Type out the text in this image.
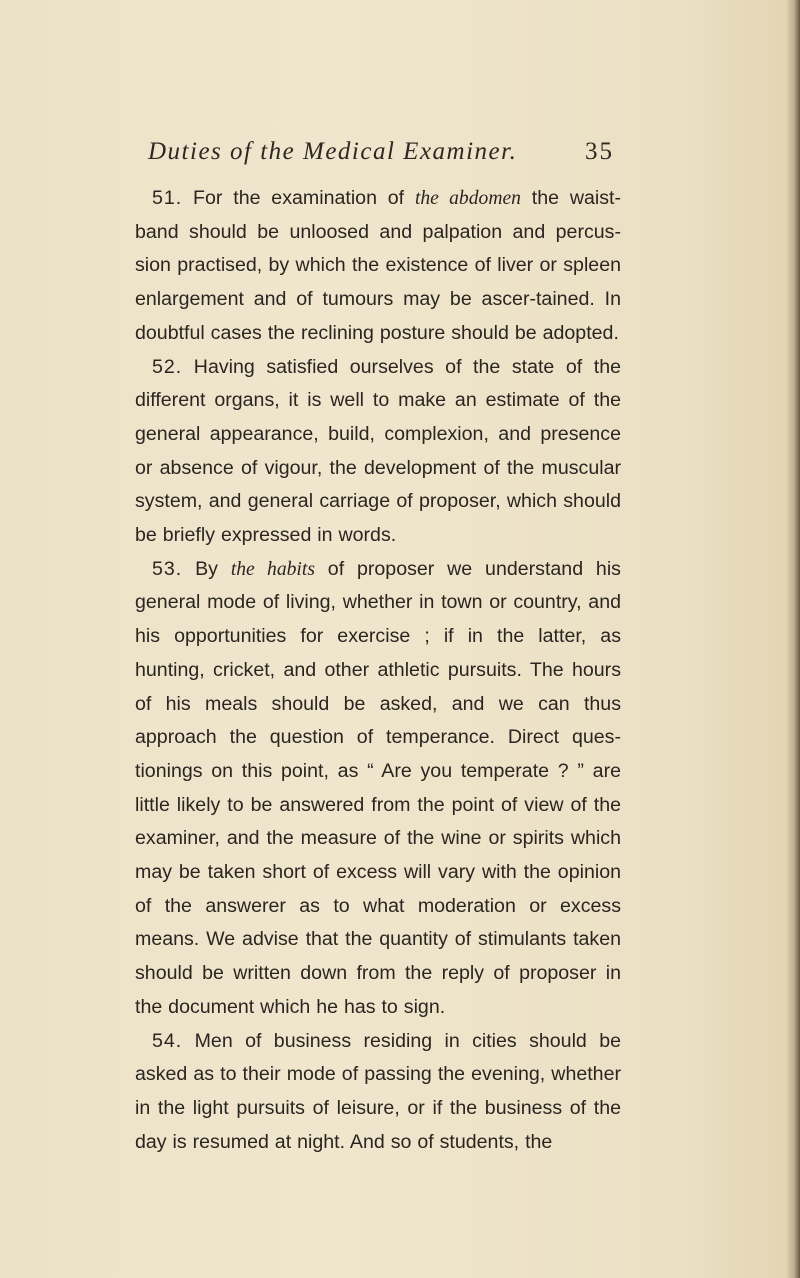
Duties of the Medical Examiner.	35

51. For the examination of the abdomen the waist-band should be unloosed and palpation and percus-sion practised, by which the existence of liver or spleen enlargement and of tumours may be ascer-tained. In doubtful cases the reclining posture should be adopted.

52. Having satisfied ourselves of the state of the different organs, it is well to make an estimate of the general appearance, build, complexion, and presence or absence of vigour, the development of the muscular system, and general carriage of proposer, which should be briefly expressed in words.

53. By the habits of proposer we understand his general mode of living, whether in town or country, and his opportunities for exercise ; if in the latter, as hunting, cricket, and other athletic pursuits. The hours of his meals should be asked, and we can thus approach the question of temperance. Direct ques-tionings on this point, as “ Are you temperate ? ” are little likely to be answered from the point of view of the examiner, and the measure of the wine or spirits which may be taken short of excess will vary with the opinion of the answerer as to what moderation or excess means. We advise that the quantity of stimulants taken should be written down from the reply of proposer in the document which he has to sign.

54. Men of business residing in cities should be asked as to their mode of passing the evening, whether in the light pursuits of leisure, or if the business of the day is resumed at night. And so of students, the
